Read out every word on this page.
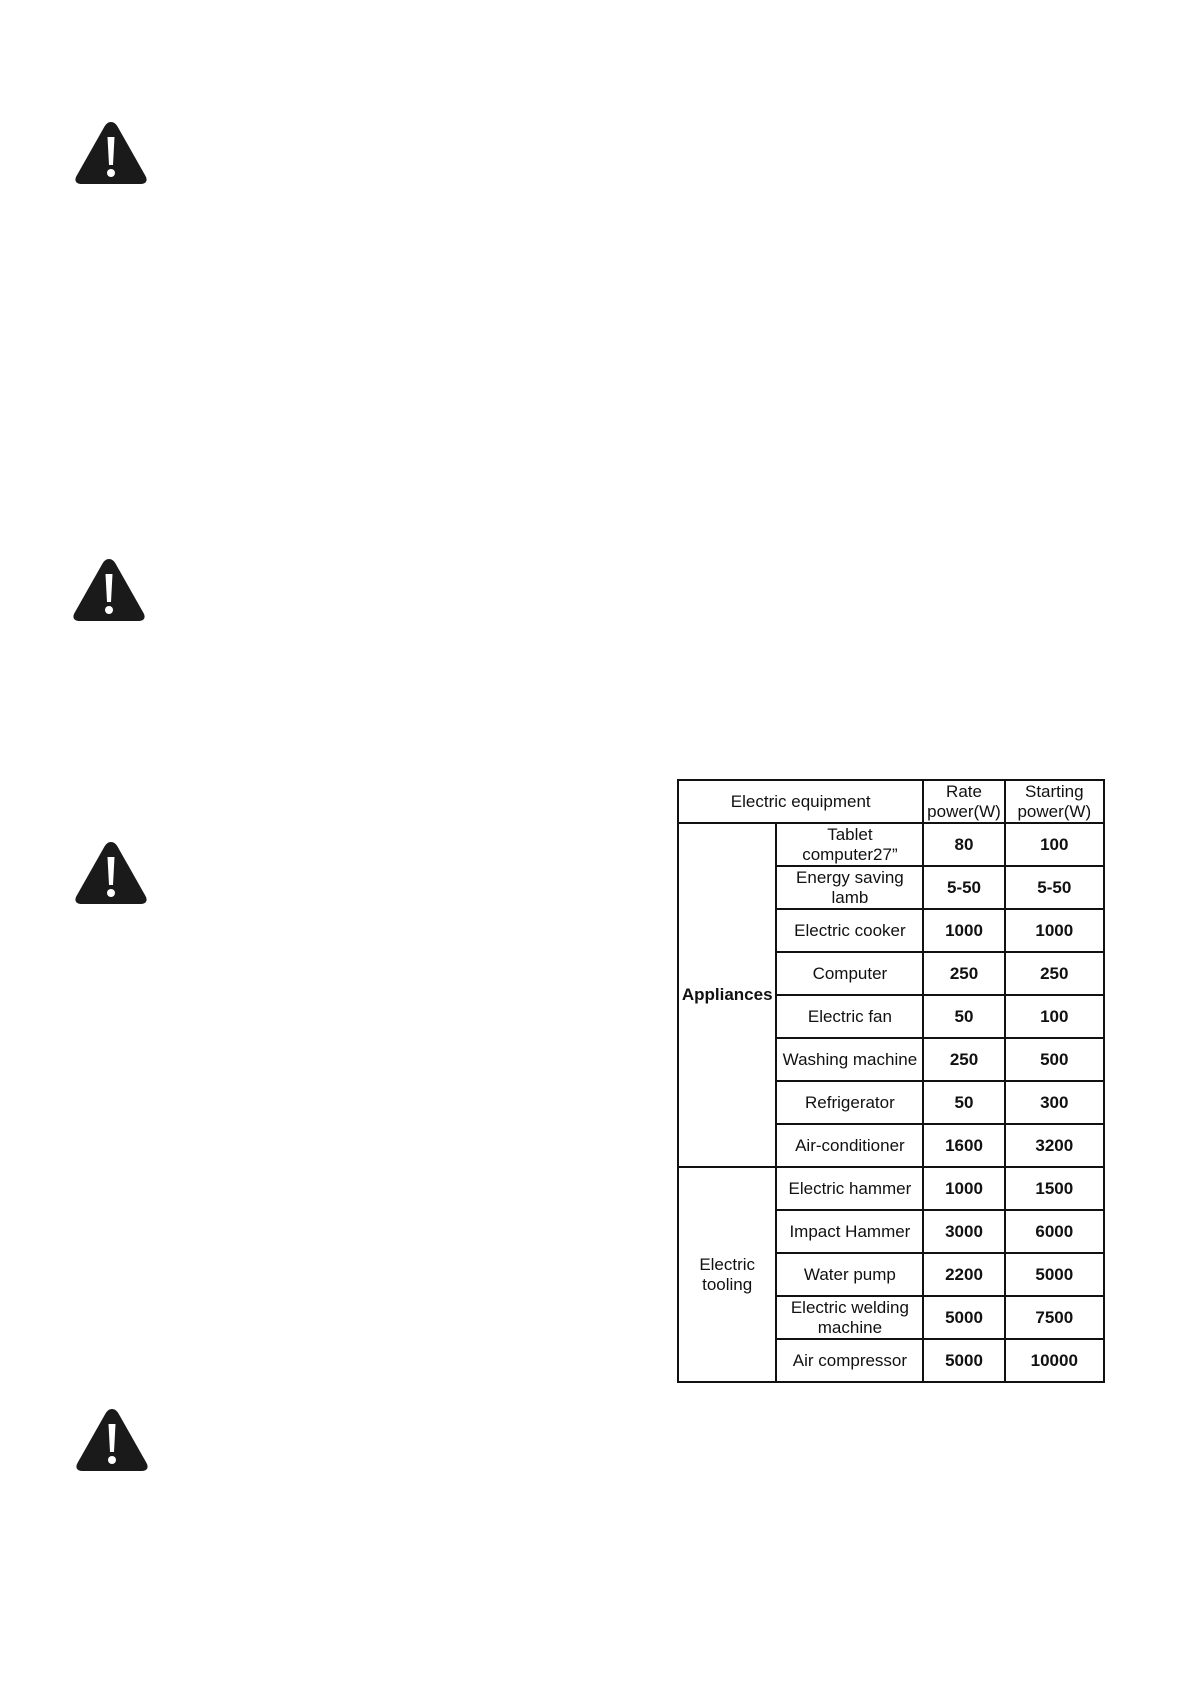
Electric equipment		Rate power(W)	Starting power(W)
Appliances	Tablet computer27”	80	100
	Energy saving lamb	5-50	5-50
	Electric cooker	1000	1000
	Computer	250	250
	Electric fan	50	100
	Washing machine	250	500
	Refrigerator	50	300
	Air-conditioner	1600	3200
Electric tooling	Electric hammer	1000	1500
	Impact Hammer	3000	6000
	Water pump	2200	5000
	Electric welding machine	5000	7500
	Air compressor	5000	10000
